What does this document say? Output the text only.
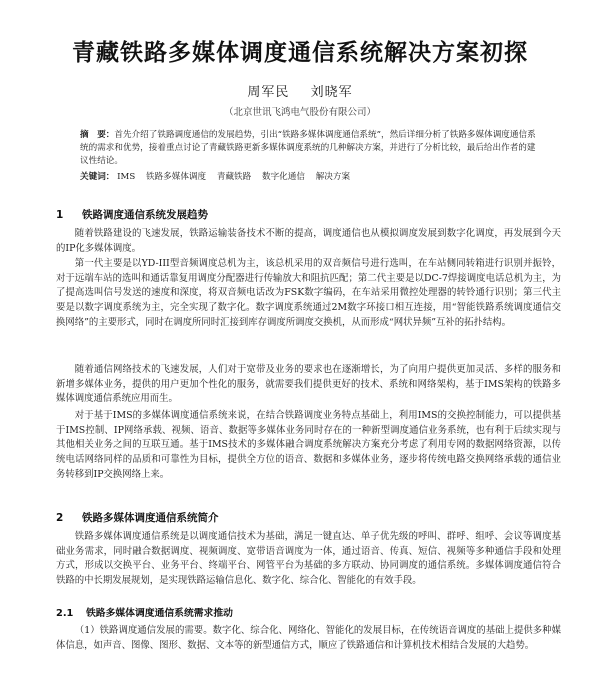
青藏铁路多媒体调度通信系统解决方案初探
周军民 刘晓军
（北京世讯飞鸿电气股份有限公司）
摘　要：首先介绍了铁路调度通信的发展趋势，引出“铁路多媒体调度通信系统”，然后详细分析了铁路多媒体调度通信系统的需求和优势，接着重点讨论了青藏铁路更新多媒体调度系统的几种解决方案，并进行了分析比较，最后给出作者的建议性结论。
关键词： IMS 铁路多媒体调度 青藏铁路 数字化通信 解决方案
1 铁路调度通信系统发展趋势
随着铁路建设的飞速发展，铁路运输装备技术不断的提高，调度通信也从模拟调度发展到数字化调度，再发展到今天的IP化多媒体调度。
第一代主要是以YD-III型音频调度总机为主，该总机采用的双音频信号进行选叫，在车站侧同转箱进行识别并振铃，对于远端车站的选叫和通话靠复用调度分配器进行传输放大和阻抗匹配；第二代主要是以DC-7焊接调度电话总机为主，为了提高选叫信号发送的速度和深度，将双音频电话改为FSK数字编码，在车站采用微控处理器的转铃通行识别；第三代主要是以数字调度系统为主，完全实现了数字化。数字调度系统通过2M数字环接口相互连接，用“智能铁路系统调度通信交换网络”的主要形式，同时在调度所同时汇接到库存调度所调度交换机，从而形成“网状异频”互补的拓扑结构。
随着通信网络技术的飞速发展，人们对于宽带及业务的要求也在逐渐增长，为了向用户提供更加灵活、多样的服务和新增多媒体业务，提供的用户更加个性化的服务，就需要我们提供更好的技术、系统和网络架构，基于IMS架构的铁路多媒体调度通信系统应用而生。
对于基于IMS的多媒体调度通信系统来说，在结合铁路调度业务特点基础上，利用IMS的交换控制能力，可以提供基于IMS控制、IP网络承载、视频、语音、数据等多媒体业务同时存在的一种新型调度通信业务系统，也有利于后续实现与其他相关业务之间的互联互通。基于IMS技术的多媒体融合调度系统解决方案充分考虑了利用专网的数据网络资源，以传统电话网络同样的品质和可靠性为目标，提供全方位的语音、数据和多媒体业务，逐步将传统电路交换网络承载的通信业务转移到IP交换网络上来。
2 铁路多媒体调度通信系统简介
铁路多媒体调度通信系统是以调度通信技术为基础，满足一键直达、单子优先级的呼叫、群呼、组呼、会议等调度基础业务需求，同时融合数据调度、视频调度、宽带语音调度为一体，通过语音、传真、短信、视频等多种通信手段和处理方式，形成以交换平台、业务平台、终端平台、网管平台为基础的多方联动、协同调度的通信系统。多媒体调度通信符合铁路的中长期发展规划，是实现铁路运输信息化、数字化、综合化、智能化的有效手段。
2.1 铁路多媒体调度通信系统需求推动
（1）铁路调度通信发展的需要。数字化、综合化、网络化、智能化的发展目标，在传统语音调度的基础上提供多种媒体信息，如声音、图像、图形、数据、文本等的新型通信方式，顺应了铁路通信和计算机技术相结合发展的大趋势。
